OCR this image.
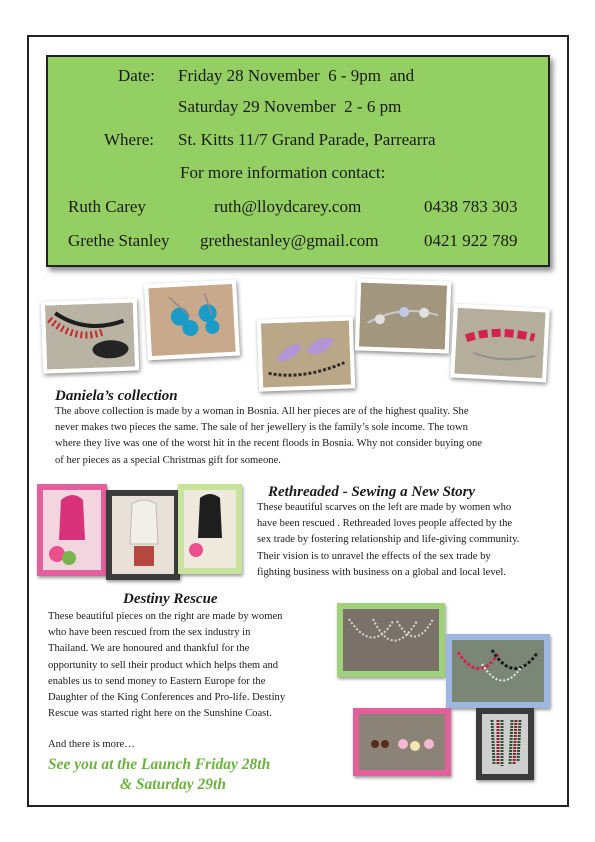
Date: Friday 28 November  6 - 9pm  and
Saturday 29 November  2 - 6 pm
Where: St. Kitts 11/7 Grand Parade, Parrearra
For more information contact:
Ruth Carey	ruth@lloydcarey.com	0438 783 303
Grethe Stanley grethestanley@gmail.com	0421 922 789
Daniela’s collection
The above collection is made by a woman in Bosnia. All her pieces are of the highest quality. She
never makes two pieces the same. The sale of her jewellery is the family’s sole income. The town
where they live was one of the worst hit in the recent floods in Bosnia. Why not consider buying one
of her pieces as a special Christmas gift for someone.
Rethreaded - Sewing a New Story
These beautiful scarves on the left are made by women who
have been rescued . Rethreaded loves people affected by the
sex trade by fostering relationship and life-giving community.
Their vision is to unravel the effects of the sex trade by
fighting business with business on a global and local level.
Destiny Rescue
These beautiful pieces on the right are made by women
who have been rescued from the sex industry in
Thailand. We are honoured and thankful for the
opportunity to sell their product which helps them and
enables us to send money to Eastern Europe for the
Daughter of the King Conferences and Pro-life. Destiny
Rescue was started right here on the Sunshine Coast.
And there is more…
See you at the Launch Friday 28th
& Saturday 29th
